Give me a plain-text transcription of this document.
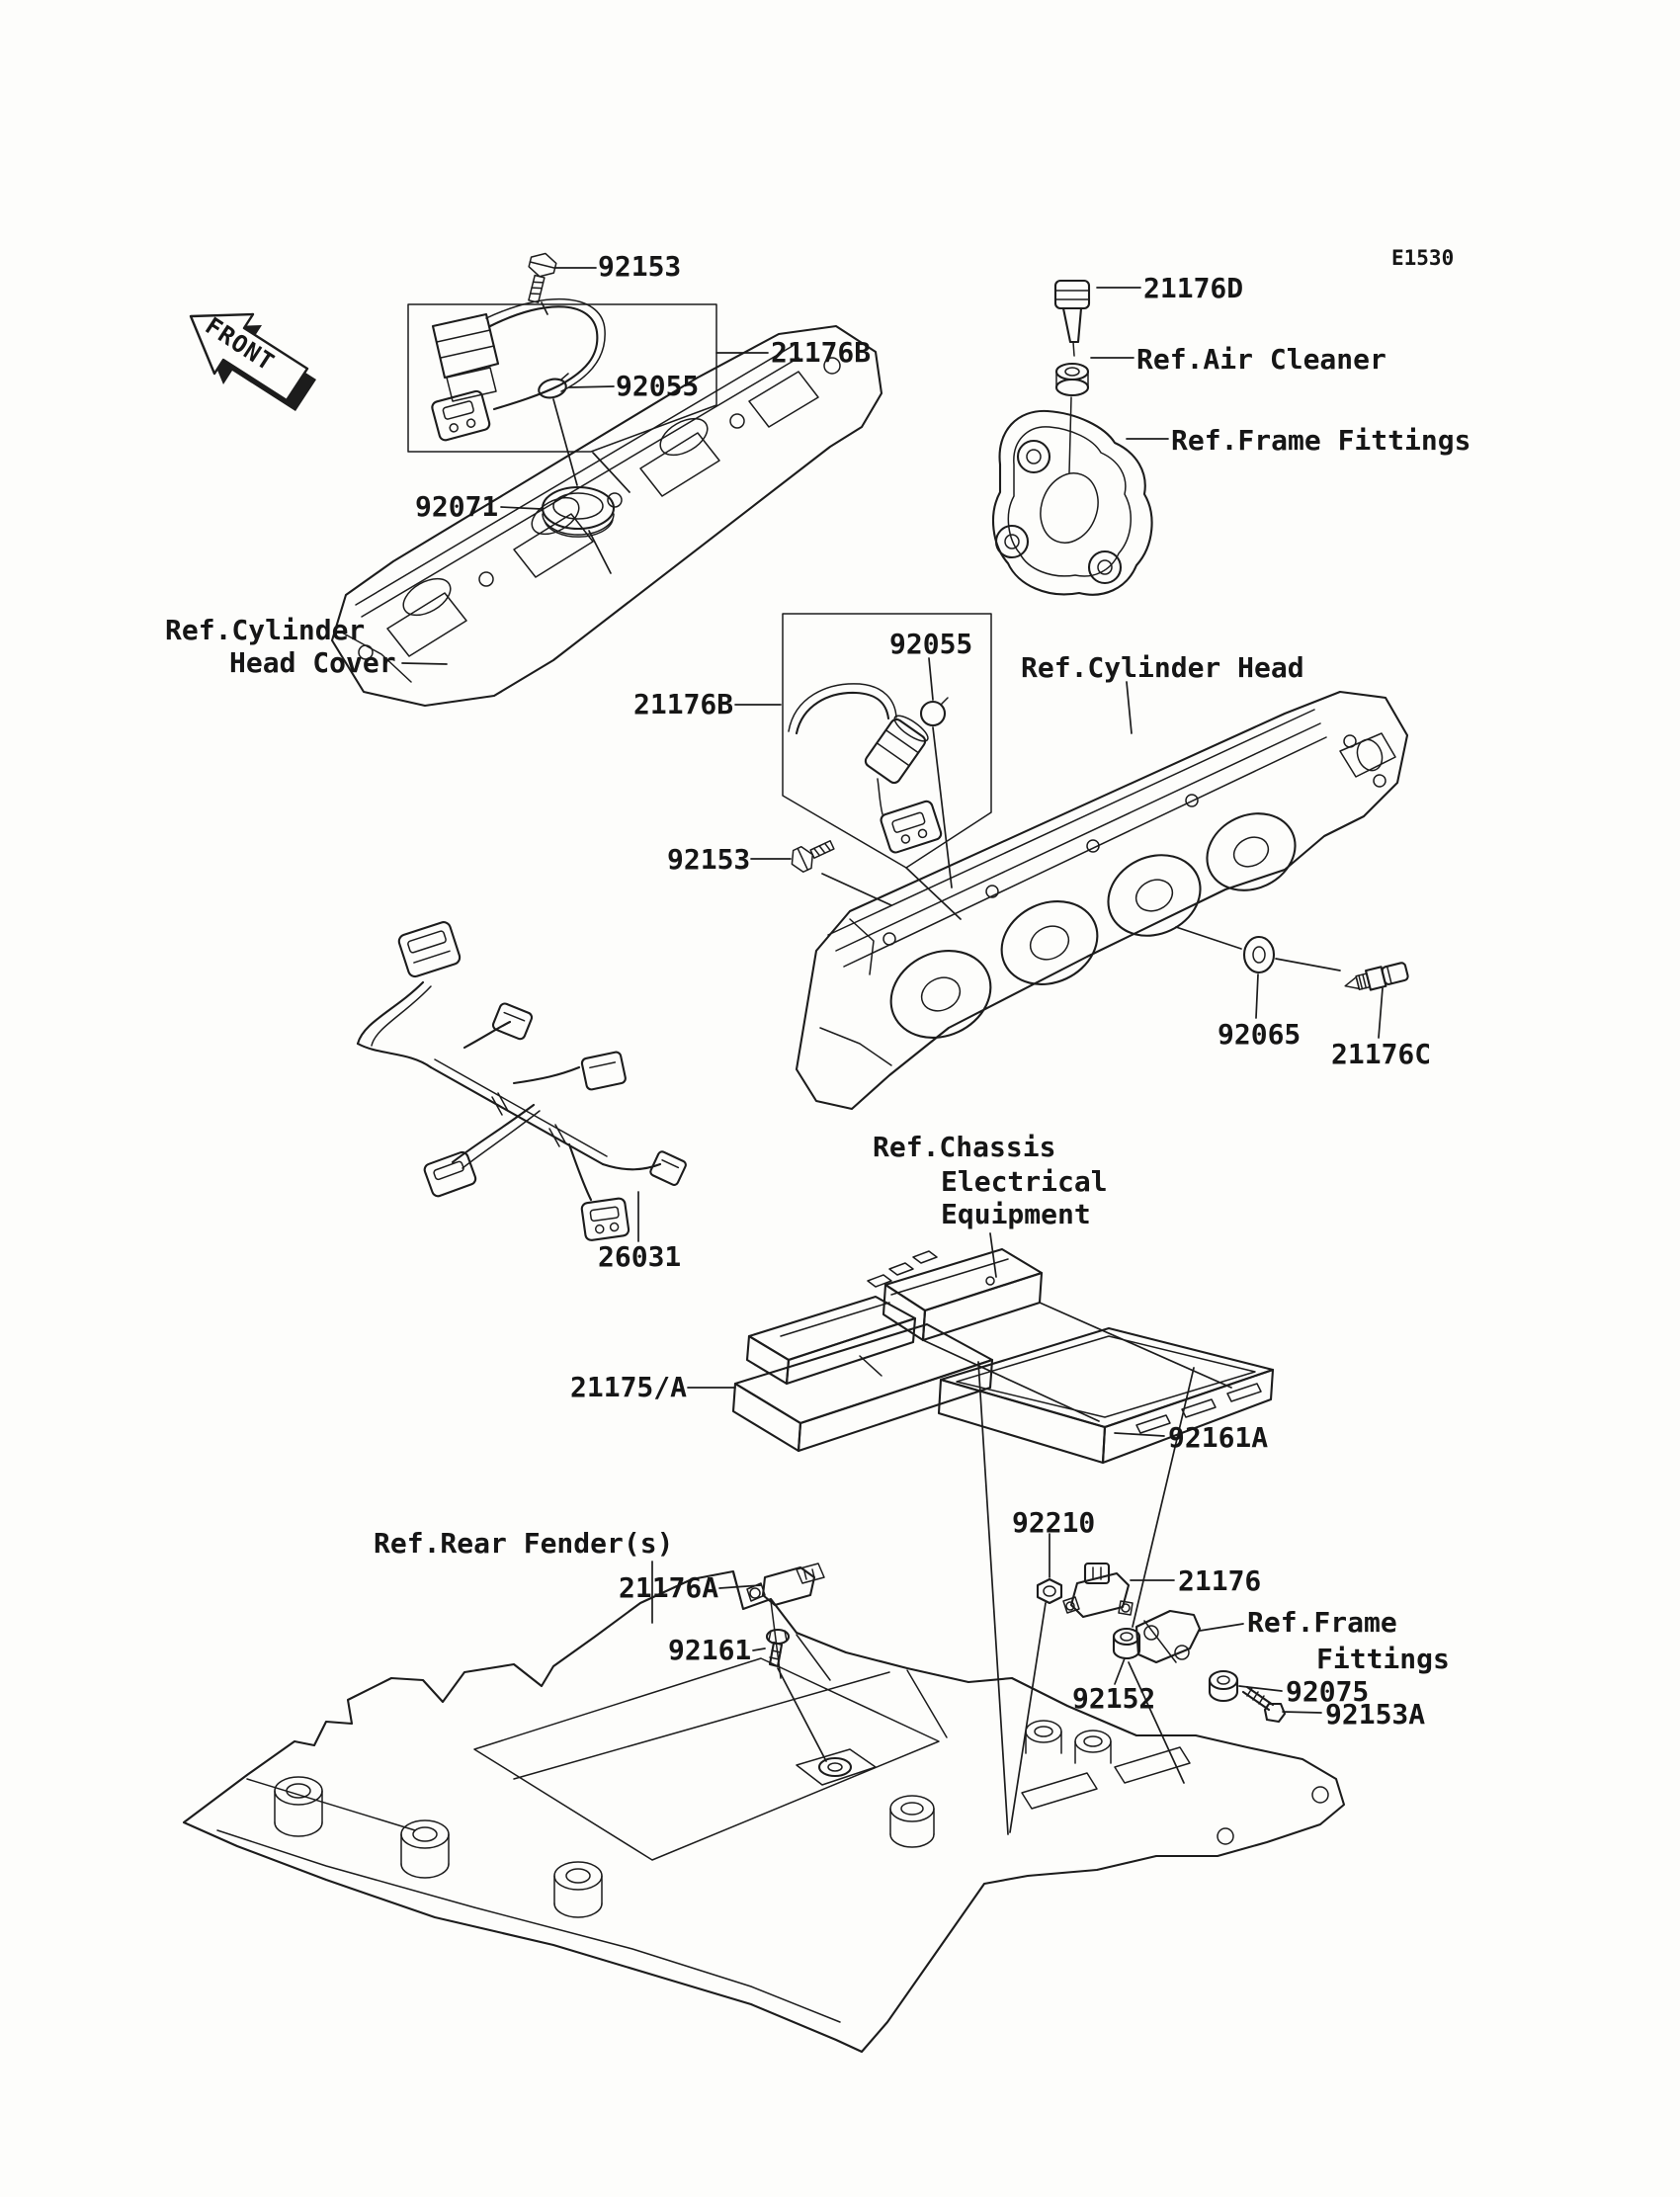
FRONT
E1530
92153
21176B
92055
92071
Ref.Cylinder
Head Cover
21176D
Ref.Air Cleaner
Ref.Frame Fittings
92055
Ref.Cylinder Head
21176B
92153
92065
21176C
26031
Ref.Chassis
Electrical
Equipment
21175/A
92161A
92210
Ref.Rear Fender(s)
21176A
92161
21176
Ref.Frame
Fittings
92075
92152	92153A
